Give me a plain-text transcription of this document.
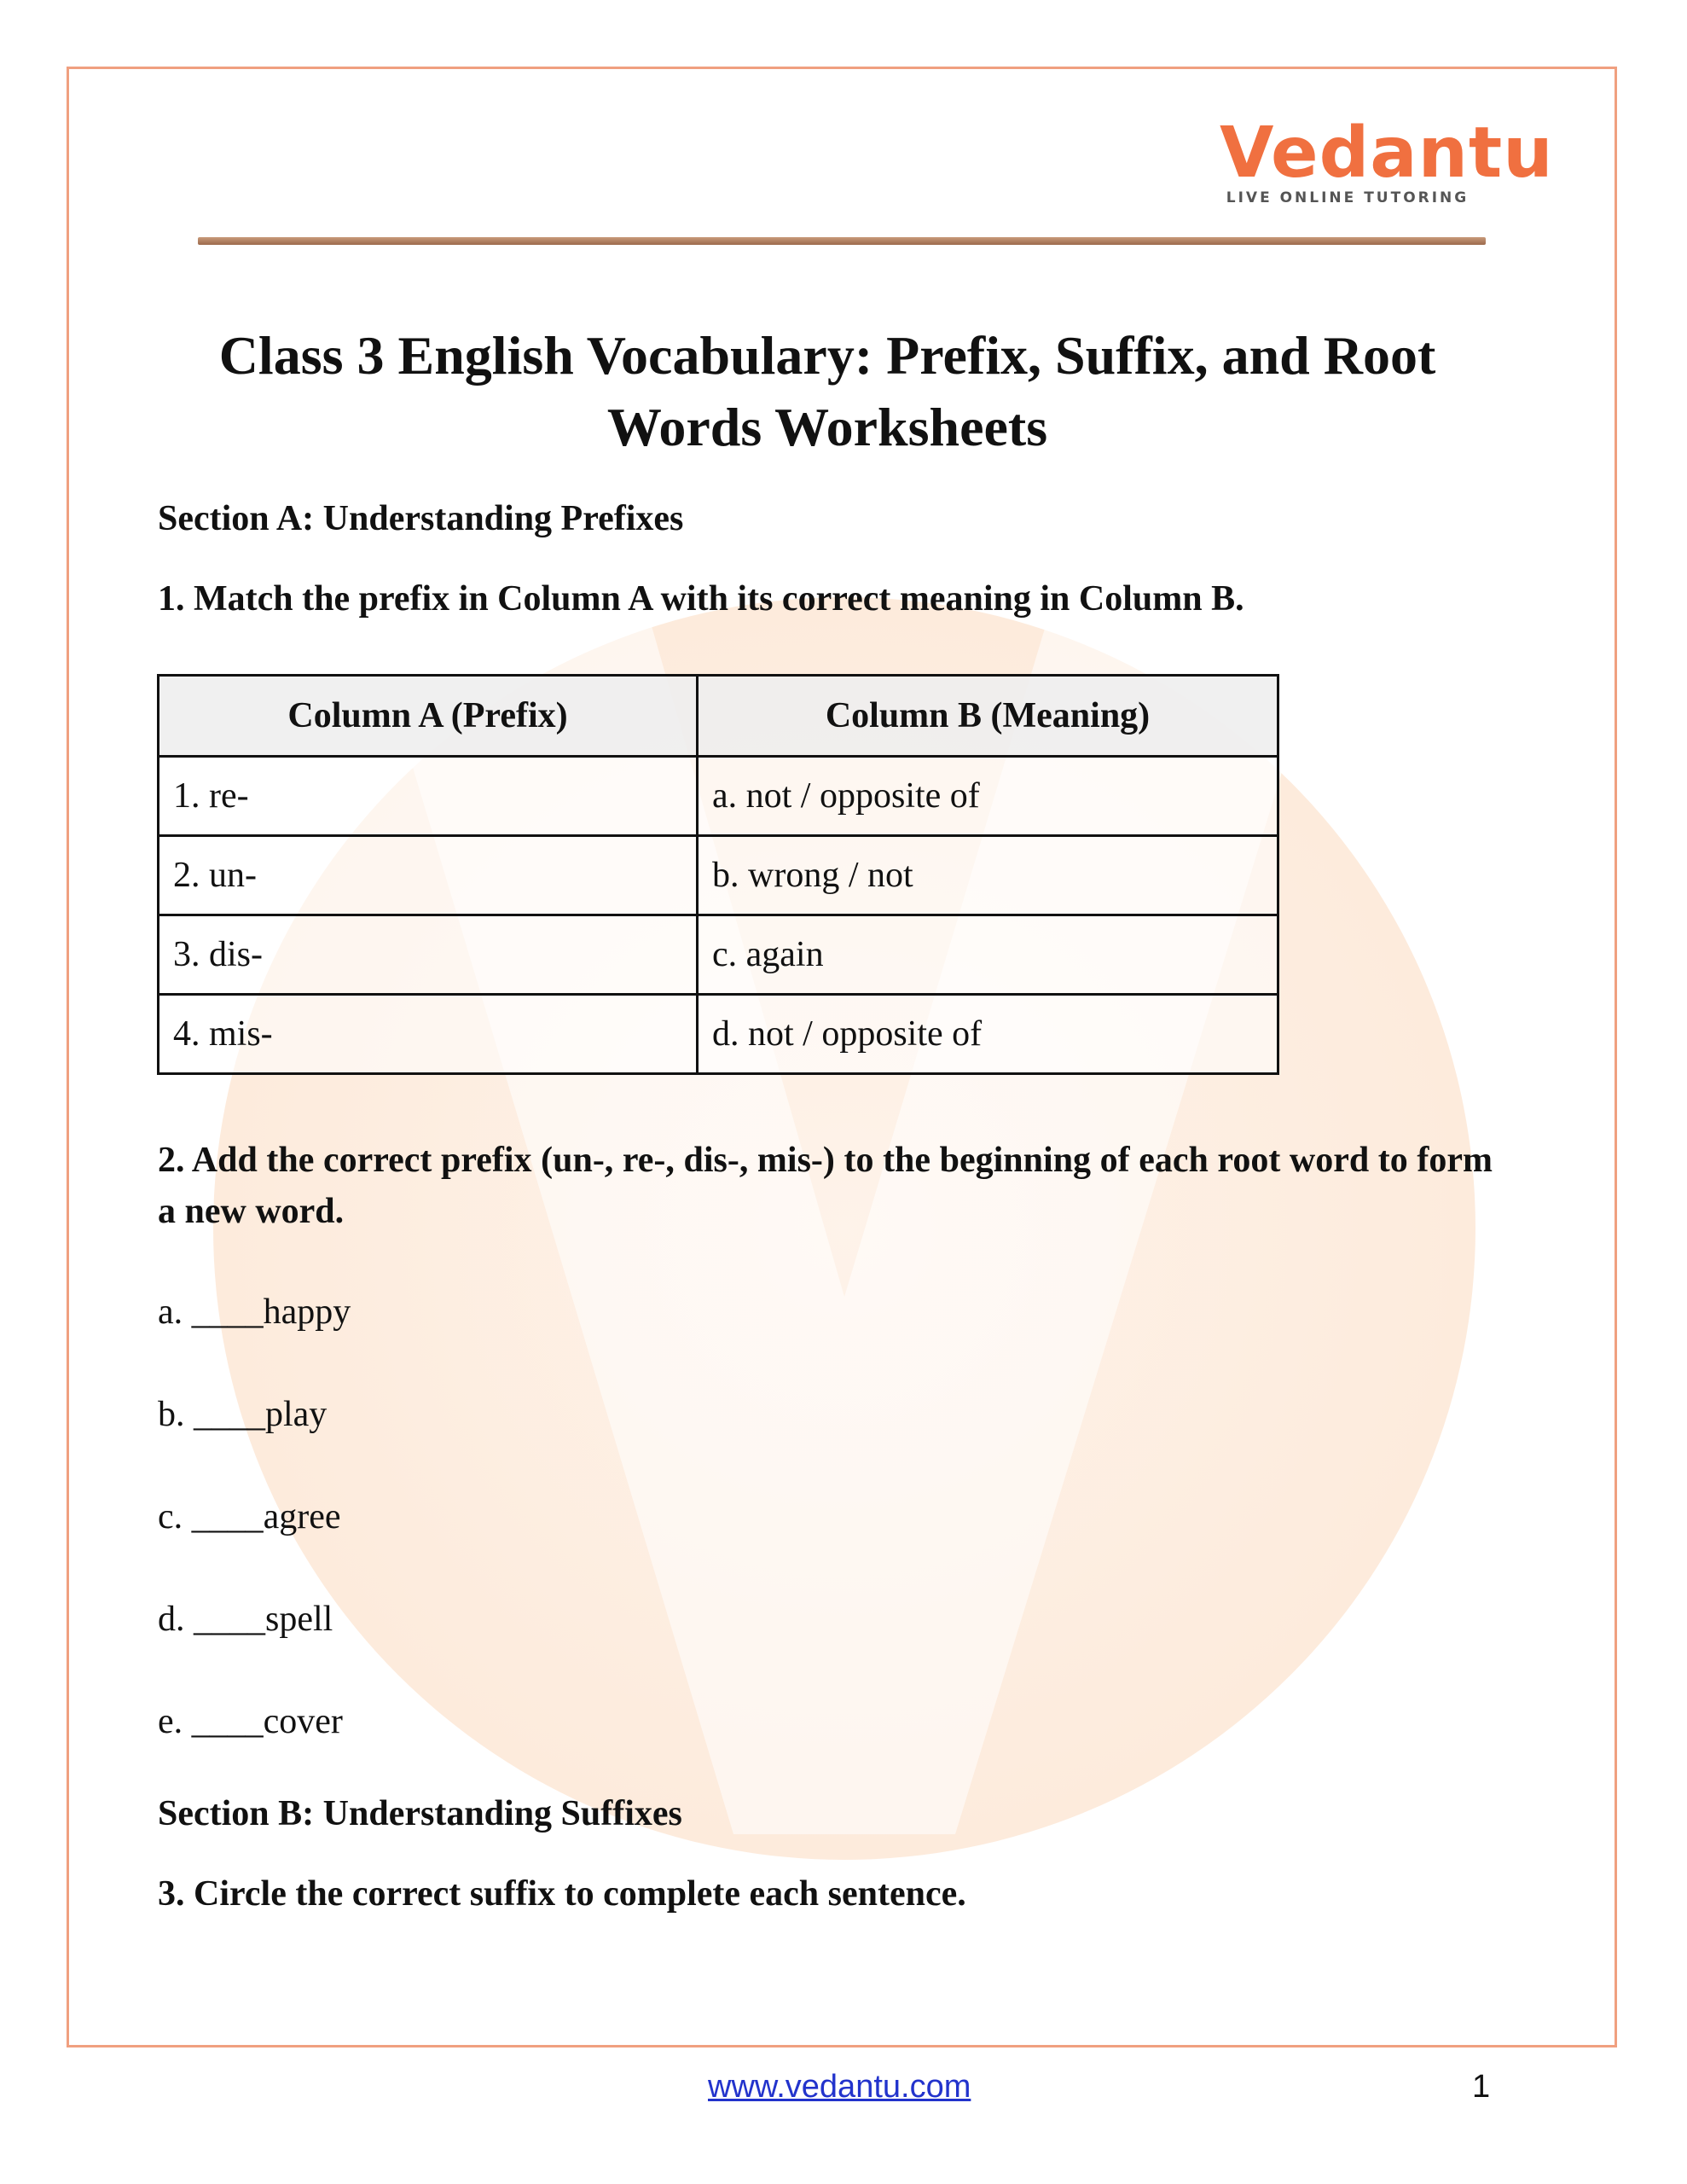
Vedantu
LIVE ONLINE TUTORING
Class 3 English Vocabulary: Prefix, Suffix, and Root Words Worksheets
Section A: Understanding Prefixes
1. Match the prefix in Column A with its correct meaning in Column B.
Column A (Prefix)	Column B (Meaning)
1. re-	a. not / opposite of
2. un-	b. wrong / not
3. dis-	c. again
4. mis-	d. not / opposite of
2. Add the correct prefix (un-, re-, dis-, mis-) to the beginning of each root word to form a new word.
a. ____happy
b. ____play
c. ____agree
d. ____spell
e. ____cover
Section B: Understanding Suffixes
3. Circle the correct suffix to complete each sentence.
www.vedantu.com	1
